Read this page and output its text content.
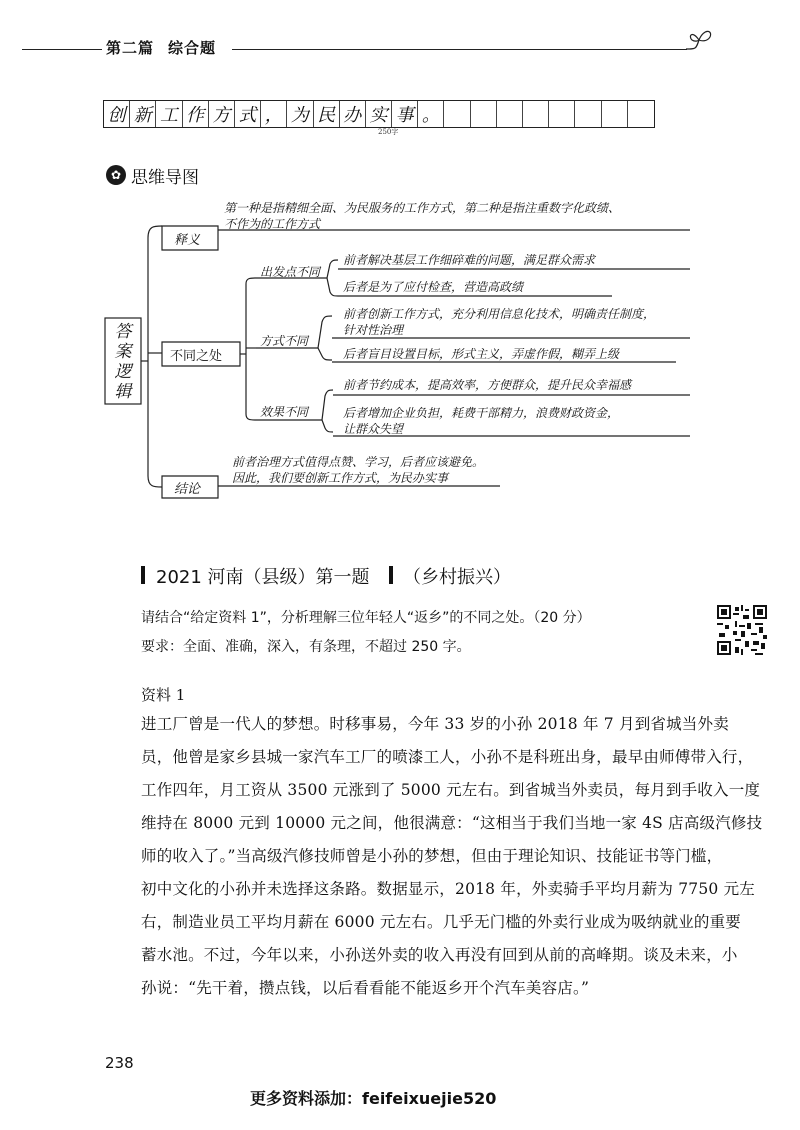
第二篇 综合题
创 新 工 作 方 式 ， 为 民 办 实 事 。
250字
✿ 思维导图
答
案
逻
辑
释义
第一种是指精细全面、为民服务的工作方式，第二种是指注重数字化政绩、
不作为的工作方式
不同之处
出发点不同
前者解决基层工作细碎难的问题，满足群众需求
后者是为了应付检查，营造高政绩
方式不同
前者创新工作方式，充分利用信息化技术，明确责任制度，
针对性治理
后者盲目设置目标，形式主义，弄虚作假，糊弄上级
效果不同
前者节约成本，提高效率，方便群众，提升民众幸福感
后者增加企业负担，耗费干部精力，浪费财政资金，
让群众失望
结论
前者治理方式值得点赞、学习，后者应该避免。
因此，我们要创新工作方式，为民办实事
2021 河南（县级）第一题 （乡村振兴）
请结合“给定资料 1”，分析理解三位年轻人“返乡”的不同之处。（20 分）
要求：全面、准确，深入，有条理，不超过 250 字。
资料 1
进工厂曾是一代人的梦想。时移事易，今年 33 岁的小孙 2018 年 7 月到省城当外卖
员，他曾是家乡县城一家汽车工厂的喷漆工人，小孙不是科班出身，最早由师傅带入行，
工作四年，月工资从 3500 元涨到了 5000 元左右。到省城当外卖员，每月到手收入一度
维持在 8000 元到 10000 元之间，他很满意：“这相当于我们当地一家 4S 店高级汽修技
师的收入了。”当高级汽修技师曾是小孙的梦想，但由于理论知识、技能证书等门槛，
初中文化的小孙并未选择这条路。数据显示，2018 年，外卖骑手平均月薪为 7750 元左
右，制造业员工平均月薪在 6000 元左右。几乎无门槛的外卖行业成为吸纳就业的重要
蓄水池。不过，今年以来，小孙送外卖的收入再没有回到从前的高峰期。谈及未来，小
孙说：“先干着，攒点钱，以后看看能不能返乡开个汽车美容店。”
238
更多资料添加：feifeixuejie520
